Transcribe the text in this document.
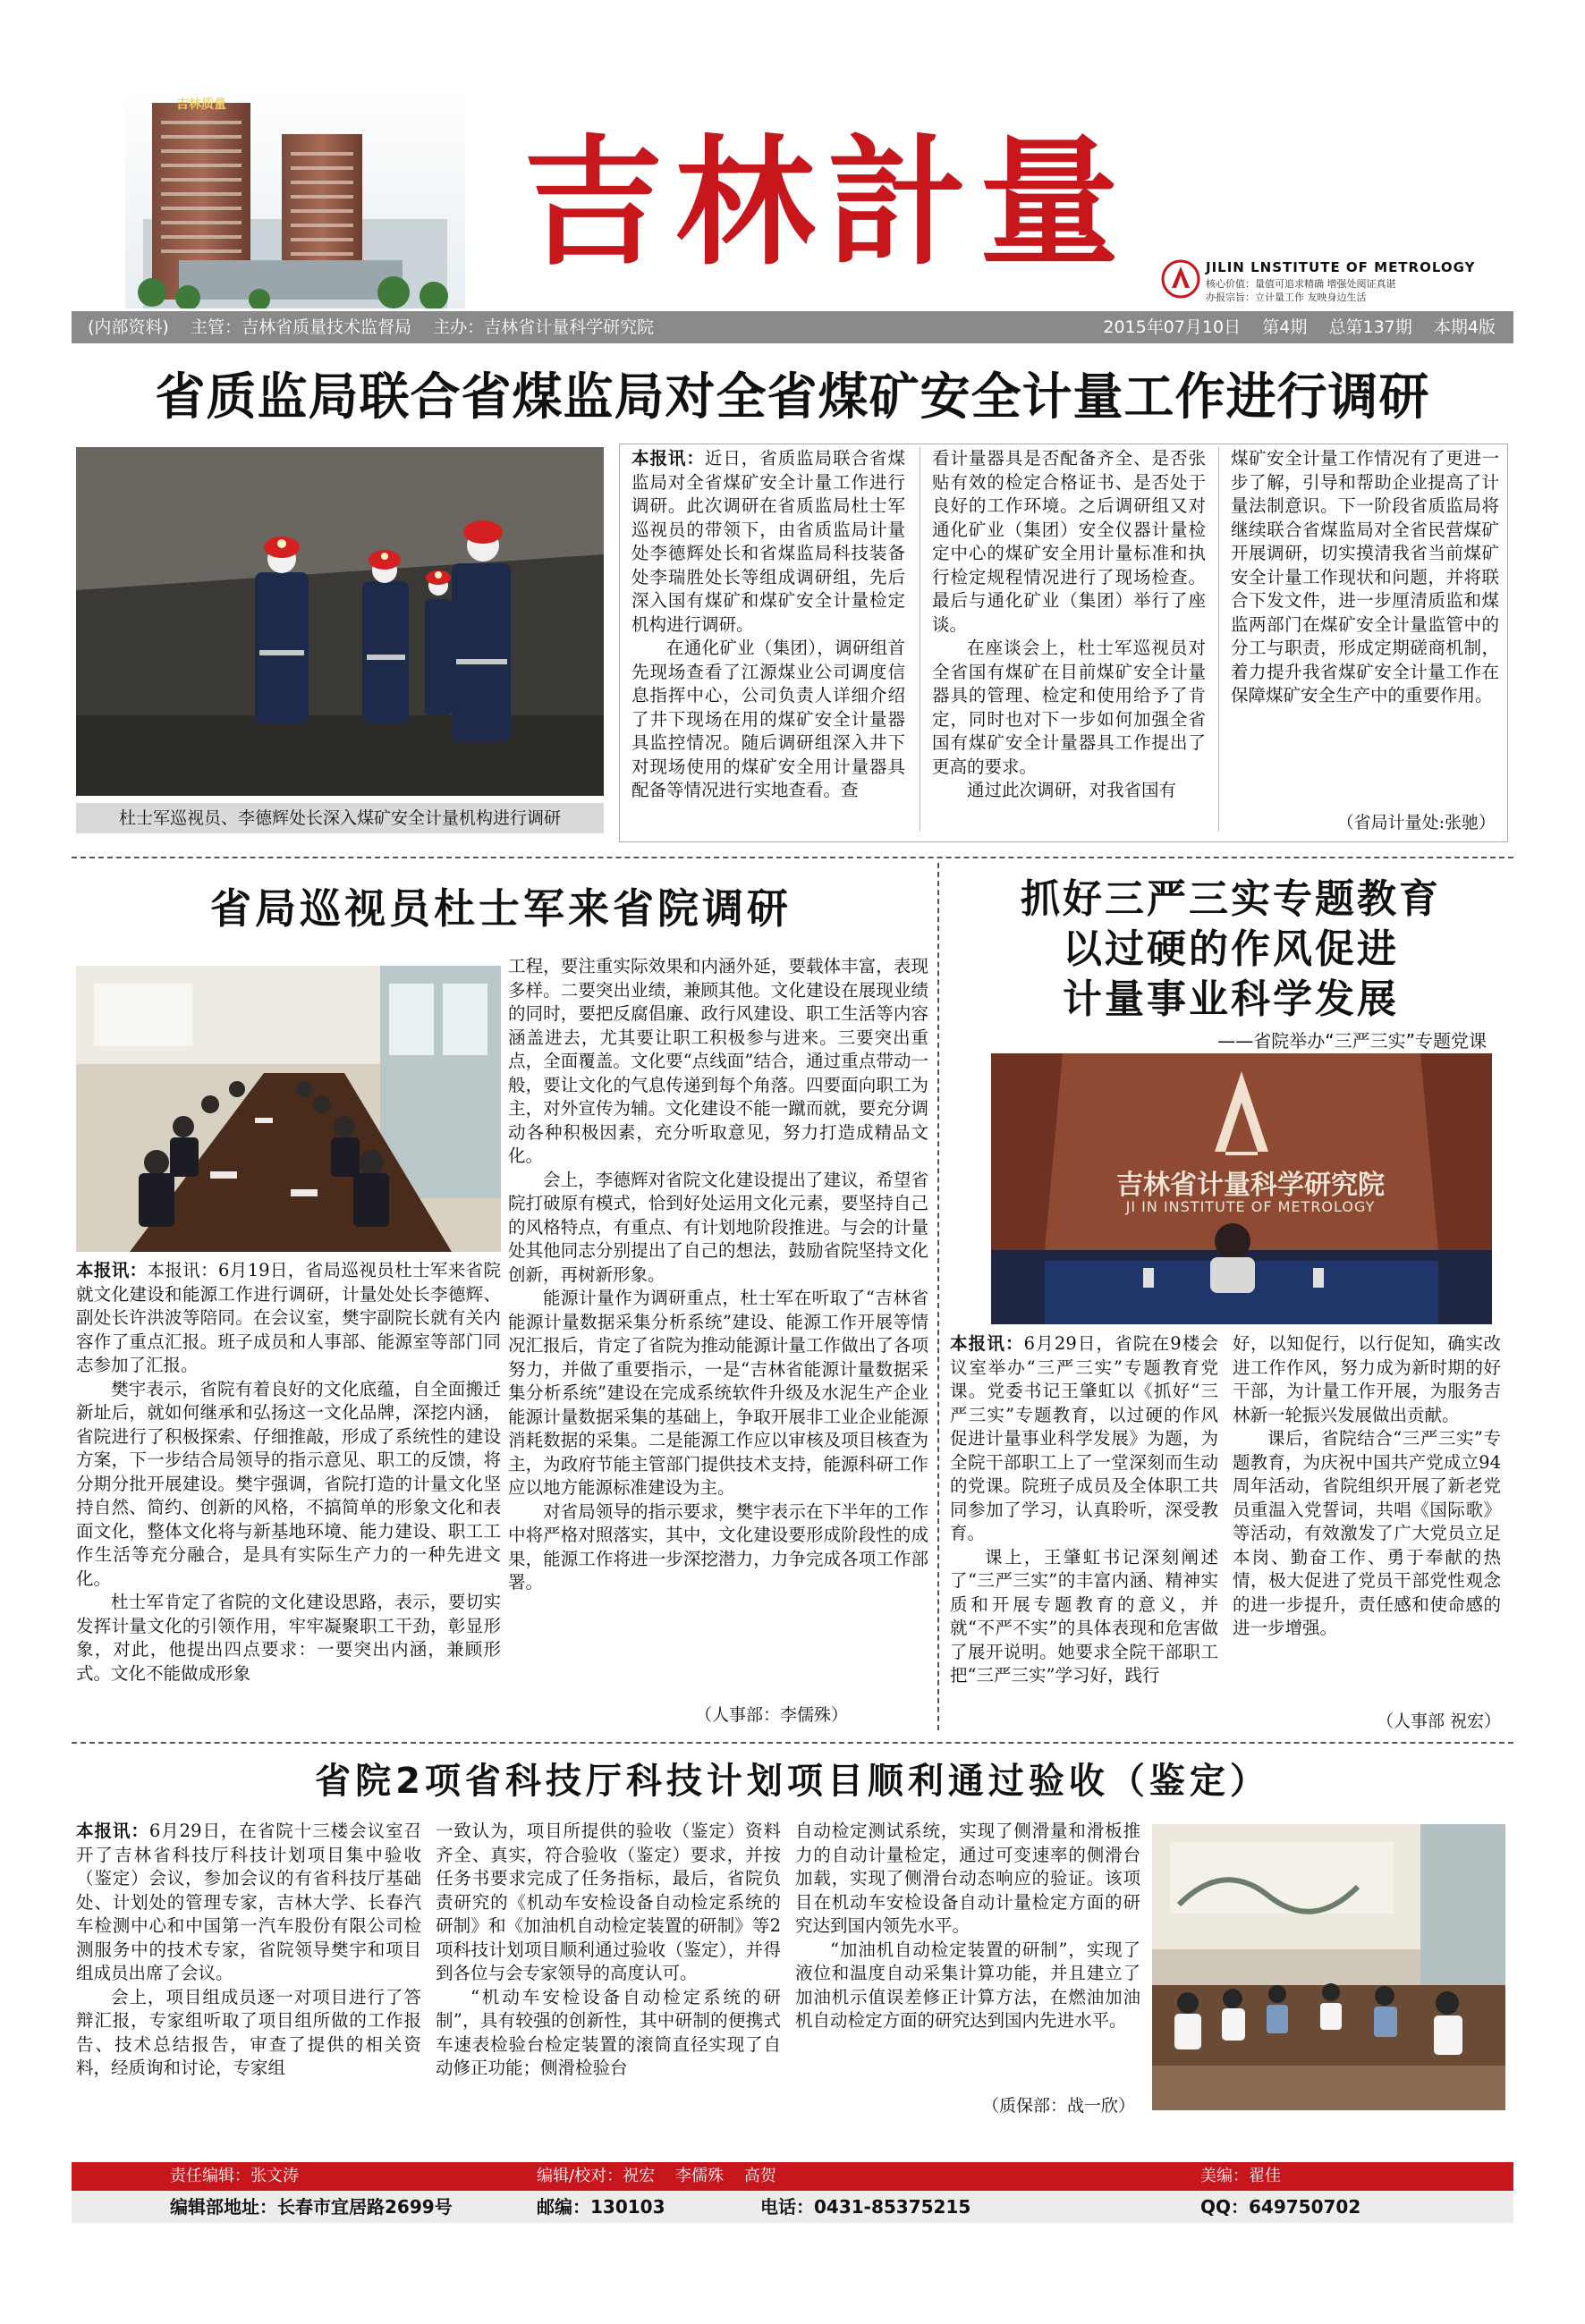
吉林质量
吉林計量	JILIN LNSTITUTE OF METROLOGY
核心价值：量值可追求精确 增强处阅证真谌
办报宗旨：立计量工作 友映身边生活
(内部资料)    主管：吉林省质量技术监督局    主办：吉林省计量科学研究院	2015年07月10日    第4期    总第137期    本期4版
省质监局联合省煤监局对全省煤矿安全计量工作进行调研
杜士军巡视员、李德辉处长深入煤矿安全计量机构进行调研

本报讯：近日，省质监局联合省煤监局对全省煤矿安全计量工作进行调研。此次调研在省质监局杜士军巡视员的带领下，由省质监局计量处李德辉处长和省煤监局科技装备处李瑞胜处长等组成调研组，先后深入国有煤矿和煤矿安全计量检定机构进行调研。

在通化矿业（集团），调研组首先现场查看了江源煤业公司调度信息指挥中心，公司负责人详细介绍了井下现场在用的煤矿安全计量器具监控情况。随后调研组深入井下对现场使用的煤矿安全用计量器具配备等情况进行实地查看。查

看计量器具是否配备齐全、是否张贴有效的检定合格证书、是否处于良好的工作环境。之后调研组又对通化矿业（集团）安全仪器计量检定中心的煤矿安全用计量标准和执行检定规程情况进行了现场检查。最后与通化矿业（集团）举行了座谈。

在座谈会上，杜士军巡视员对全省国有煤矿在目前煤矿安全计量器具的管理、检定和使用给予了肯定，同时也对下一步如何加强全省国有煤矿安全计量器具工作提出了更高的要求。

通过此次调研，对我省国有

煤矿安全计量工作情况有了更进一步了解，引导和帮助企业提高了计量法制意识。下一阶段省质监局将继续联合省煤监局对全省民营煤矿开展调研，切实摸清我省当前煤矿安全计量工作现状和问题，并将联合下发文件，进一步厘清质监和煤监两部门在煤矿安全计量监管中的分工与职责，形成定期磋商机制，着力提升我省煤矿安全计量工作在保障煤矿安全生产中的重要作用。

（省局计量处:张驰）
省局巡视员杜士军来省院调研

本报讯：本报讯：6月19日，省局巡视员杜士军来省院就文化建设和能源工作进行调研，计量处处长李德辉、副处长许洪波等陪同。在会议室，樊宇副院长就有关内容作了重点汇报。班子成员和人事部、能源室等部门同志参加了汇报。

樊宇表示，省院有着良好的文化底蕴，自全面搬迁新址后，就如何继承和弘扬这一文化品牌，深挖内涵，省院进行了积极探索、仔细推敲，形成了系统性的建设方案，下一步结合局领导的指示意见、职工的反馈，将分期分批开展建设。樊宇强调，省院打造的计量文化坚持自然、简约、创新的风格，不搞简单的形象文化和表面文化，整体文化将与新基地环境、能力建设、职工工作生活等充分融合，是具有实际生产力的一种先进文化。

杜士军肯定了省院的文化建设思路，表示，要切实发挥计量文化的引领作用，牢牢凝聚职工干劲，彰显形象，对此，他提出四点要求：一要突出内涵，兼顾形式。文化不能做成形象

工程，要注重实际效果和内涵外延，要载体丰富，表现多样。二要突出业绩，兼顾其他。文化建设在展现业绩的同时，要把反腐倡廉、政行风建设、职工生活等内容涵盖进去，尤其要让职工积极参与进来。三要突出重点，全面覆盖。文化要“点线面”结合，通过重点带动一般，要让文化的气息传递到每个角落。四要面向职工为主，对外宣传为辅。文化建设不能一蹴而就，要充分调动各种积极因素，充分听取意见，努力打造成精品文化。

会上，李德辉对省院文化建设提出了建议，希望省院打破原有模式，恰到好处运用文化元素，要坚持自己的风格特点，有重点、有计划地阶段推进。与会的计量处其他同志分别提出了自己的想法，鼓励省院坚持文化创新，再树新形象。

能源计量作为调研重点，杜士军在听取了“吉林省能源计量数据采集分析系统”建设、能源工作开展等情况汇报后，肯定了省院为推动能源计量工作做出了各项努力，并做了重要指示，一是“吉林省能源计量数据采集分析系统”建设在完成系统软件升级及水泥生产企业能源计量数据采集的基础上，争取开展非工业企业能源消耗数据的采集。二是能源工作应以审核及项目核查为主，为政府节能主管部门提供技术支持，能源科研工作应以地方能源标准建设为主。

对省局领导的指示要求，樊宇表示在下半年的工作中将严格对照落实，其中，文化建设要形成阶段性的成果，能源工作将进一步深挖潜力，力争完成各项工作部署。

（人事部：李儒殊）
抓好三严三实专题教育
以过硬的作风促进
计量事业科学发展
——省院举办“三严三实”专题党课
吉林省计量科学研究院
JI IN INSTITUTE OF METROLOGY

本报讯：6月29日，省院在9楼会议室举办“三严三实”专题教育党课。党委书记王肇虹以《抓好“三严三实”专题教育，以过硬的作风促进计量事业科学发展》为题，为全院干部职工上了一堂深刻而生动的党课。院班子成员及全体职工共同参加了学习，认真聆听，深受教育。

课上，王肇虹书记深刻阐述了“三严三实”的丰富内涵、精神实质和开展专题教育的意义，并就“不严不实”的具体表现和危害做了展开说明。她要求全院干部职工把“三严三实”学习好，践行

好，以知促行，以行促知，确实改进工作作风，努力成为新时期的好干部，为计量工作开展，为服务吉林新一轮振兴发展做出贡献。

课后，省院结合“三严三实”专题教育，为庆祝中国共产党成立94周年活动，省院组织开展了新老党员重温入党誓词，共唱《国际歌》等活动，有效激发了广大党员立足本岗、勤奋工作、勇于奉献的热情，极大促进了党员干部党性观念的进一步提升，责任感和使命感的进一步增强。

（人事部 祝宏）
省院2项省科技厅科技计划项目顺利通过验收（鉴定）

本报讯：6月29日，在省院十三楼会议室召开了吉林省科技厅科技计划项目集中验收（鉴定）会议，参加会议的有省科技厅基础处、计划处的管理专家，吉林大学、长春汽车检测中心和中国第一汽车股份有限公司检测服务中的技术专家，省院领导樊宇和项目组成员出席了会议。

会上，项目组成员逐一对项目进行了答辩汇报，专家组听取了项目组所做的工作报告、技术总结报告，审查了提供的相关资料，经质询和讨论，专家组

一致认为，项目所提供的验收（鉴定）资料齐全、真实，符合验收（鉴定）要求，并按任务书要求完成了任务指标，最后，省院负责研究的《机动车安检设备自动检定系统的研制》和《加油机自动检定装置的研制》等2项科技计划项目顺利通过验收（鉴定），并得到各位与会专家领导的高度认可。

“机动车安检设备自动检定系统的研制”，具有较强的创新性，其中研制的便携式车速表检验台检定装置的滚筒直径实现了自动修正功能；侧滑检验台

自动检定测试系统，实现了侧滑量和滑板推力的自动计量检定，通过可变速率的侧滑台加载，实现了侧滑台动态响应的验证。该项目在机动车安检设备自动计量检定方面的研究达到国内领先水平。

“加油机自动检定装置的研制”，实现了液位和温度自动采集计算功能，并且建立了加油机示值误差修正计算方法，在燃油加油机自动检定方面的研究达到国内先进水平。

（质保部：战一欣）
责任编辑：张文涛	编辑/校对：祝宏    李儒殊    高贺	美编：翟佳
编辑部地址：长春市宜居路2699号	邮编：130103	电话：0431-85375215	QQ：649750702
